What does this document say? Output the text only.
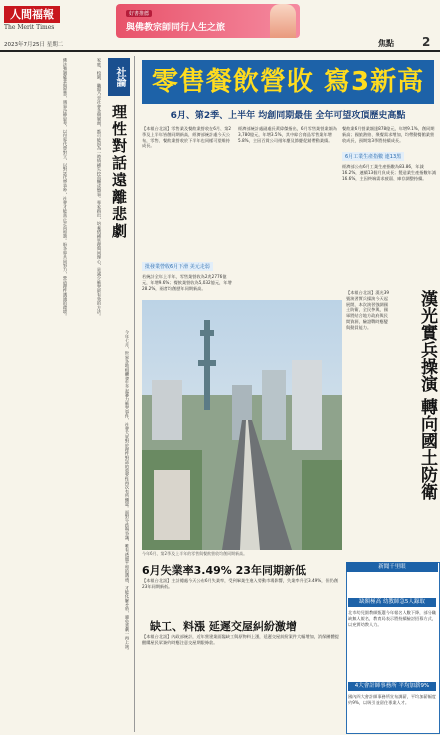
人間福報
The Merit Times
2023年7月25日 星期二
好書推薦
與佛教宗師同行人生之旅
焦點 2
社論
理性對話遠離悲劇
今年七月，世界各地相繼發生多起暴力衝突事件，社會大眾對於理性對話的重要性再次有所體認。面對分歧與爭議，唯有透過平和的溝通，才能化解矛盾，避免悲劇一再上演。
家庭、校園、職場乃至社會各個層面，都可能因為一時情緒失控而釀成憾事。專家指出，培養情緒管理與同理心，是減少衝突最有效的方法。
佛法強調慈悲與智慧，遇事冷靜思考，以包容代替對立，以對話代替爭吵，社會才能真正走向和諧。盼各界共同努力，營造理性溝通的環境。	零售餐飲營收 寫3新高
6月、第2季、上半年 均創同期最佳 全年可望攻頂歷史高點
【本報台北訊】零售業及餐飲業營收在6月、第2季及上半年皆創同期新高，經濟部統計處今天公布，零售、餐飲業營收於下半年也同樣可望維持成長。
批發業營收6月下滑 美元走弱
若統計全年上半年，零售業營收為2兆2776億元，年增9.6%；餐飲業營收為5,032億元，年增28.2%，兩者均創歷年同期新高。
經濟部統計處副處長黃偉傑指出，6月零售業營業額為3,780億元，年增3.5%，其中綜合商品零售業年增5.8%，主因百貨公司週年慶及節慶促銷帶動業績。
餐飲業6月營業額達878億元，年增9.1%，創同期新高；國旅熱絡、聚餐需求增加，均帶動餐館業營收成長，預期第3季將持續成長。
6月工業生產指數 連13黑
經濟部公布6月工業生產指數為83.86，年減16.2%，連續13個月負成長；製造業生產指數年減16.6%，主因終端需求疲弱、庫存調整持續。
今年6月、第2季及上半年的零售與餐飲營收均創同期新高。
6月失業率3.49% 23年同期新低
【本報台北訊】主計總處今天公布6月失業率，受到畢業生進入勞動市場影響，失業率升至3.49%，但仍創23年同期新低。
缺工、料漲 延遲交屋糾紛激增
【本報台北訊】內政部統計，近年營建業面臨缺工與原物料上漲，延遲交屋糾紛案件大幅增加，消保團體提醒購屋民眾簽約時應注意交屋期限條款。
漢光實兵操演 轉向國土防衛
【本報台北訊】漢光39號演習實兵操演今天起展開，本次演習強調國土防衛，全民參與，國軍將結合地方政府與民間資源，驗證戰時應變與動員能力。
新聞千里眼
缺額極高 幼教師急5人錄取
北市幼兒園教師甄選今年報名人數下降，部分職缺無人報名，教育局表示將持續檢討招募方式，以充實幼教人力。
4大會計師事務所 平均加薪9%
國內四大會計師事務所宣布調薪，平均加薪幅度約9%，以吸引並留住專業人才。
